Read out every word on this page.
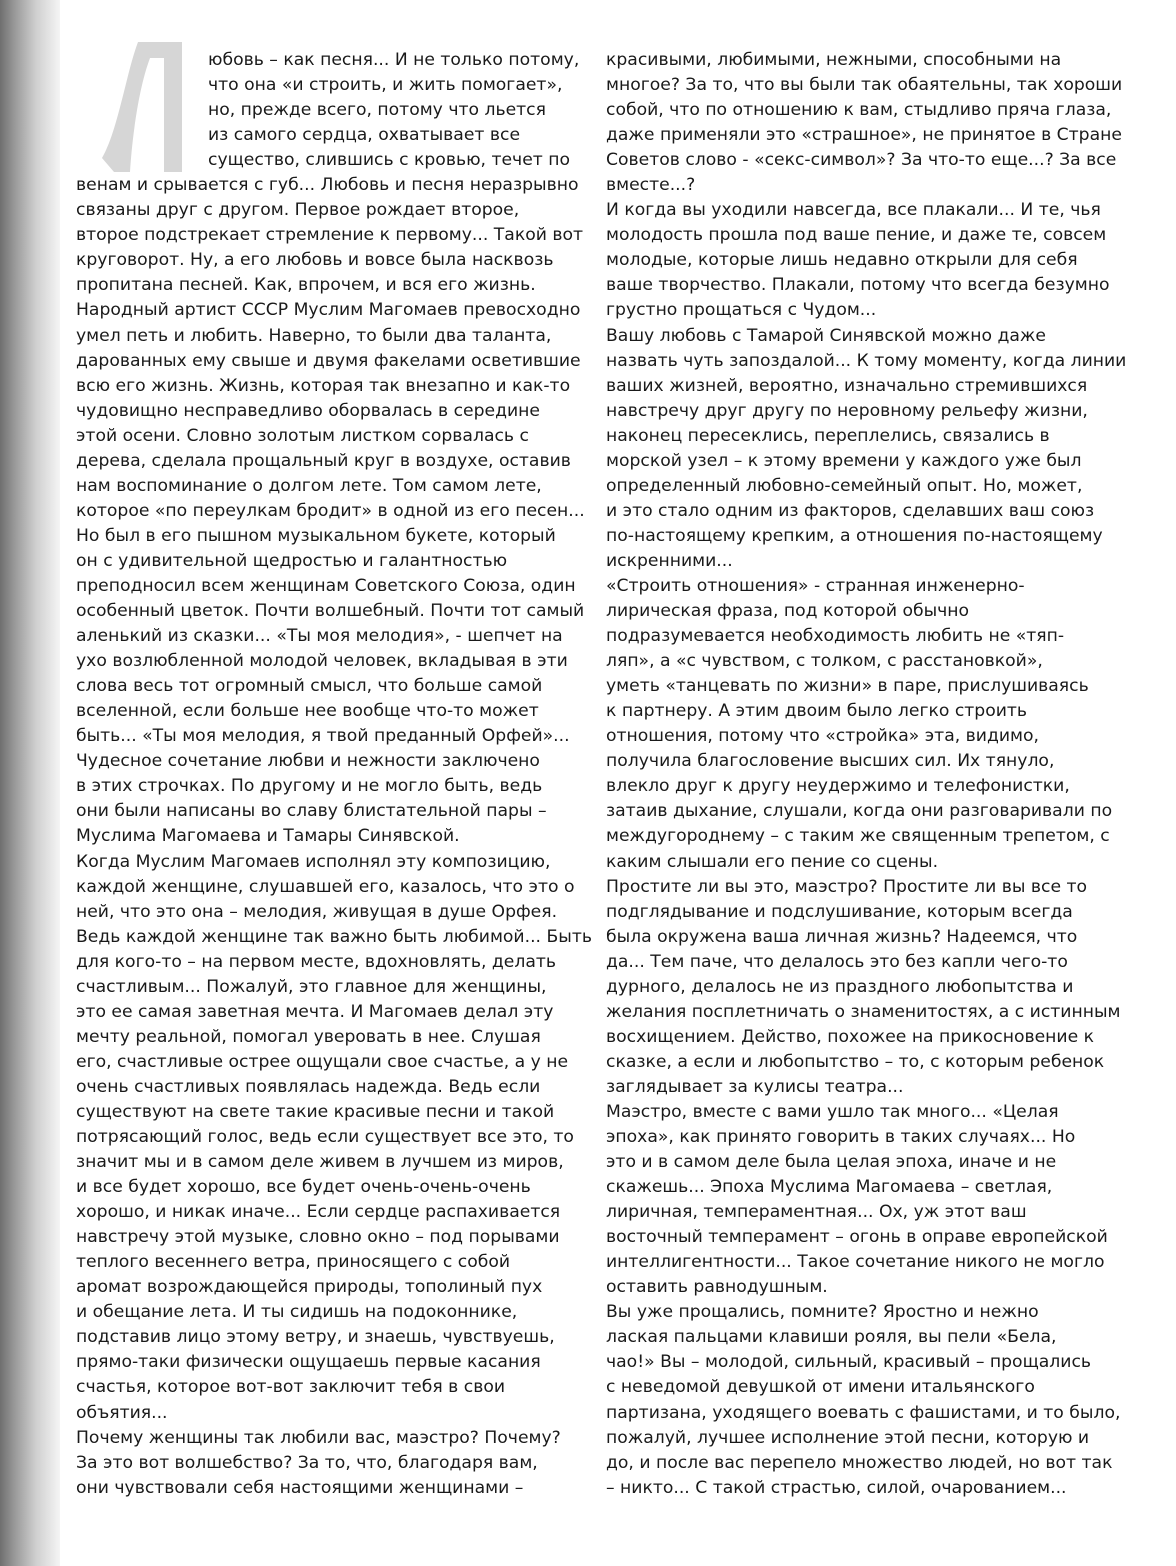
юбовь – как песня... И не только потому,
что она «и строить, и жить помогает»,
но, прежде всего, потому что льется
из самого сердца, охватывает все
существо, слившись с кровью, течет по
венам и срывается с губ... Любовь и песня неразрывно
связаны друг с другом. Первое рождает второе,
второе подстрекает стремление к первому... Такой вот
круговорот. Ну, а его любовь и вовсе была насквозь
пропитана песней. Как, впрочем, и вся его жизнь.
Народный артист СССР Муслим Магомаев превосходно
умел петь и любить. Наверно, то были два таланта,
дарованных ему свыше и двумя факелами осветившие
всю его жизнь. Жизнь, которая так внезапно и как-то
чудовищно несправедливо оборвалась в середине
этой осени. Словно золотым листком сорвалась с
дерева, сделала прощальный круг в воздухе, оставив
нам воспоминание о долгом лете. Том самом лете,
которое «по переулкам бродит» в одной из его песен...
Но был в его пышном музыкальном букете, который
он с удивительной щедростью и галантностью
преподносил всем женщинам Советского Союза, один
особенный цветок. Почти волшебный. Почти тот самый
аленький из сказки... «Ты моя мелодия», - шепчет на
ухо возлюбленной молодой человек, вкладывая в эти
слова весь тот огромный смысл, что больше самой
вселенной, если больше нее вообще что-то может
быть... «Ты моя мелодия, я твой преданный Орфей»...
Чудесное сочетание любви и нежности заключено
в этих строчках. По другому и не могло быть, ведь
они были написаны во славу блистательной пары –
Муслима Магомаева и Тамары Синявской.
Когда Муслим Магомаев исполнял эту композицию,
каждой женщине, слушавшей его, казалось, что это о
ней, что это она – мелодия, живущая в душе Орфея.
Ведь каждой женщине так важно быть любимой... Быть
для кого-то – на первом месте, вдохновлять, делать
счастливым... Пожалуй, это главное для женщины,
это ее самая заветная мечта. И Магомаев делал эту
мечту реальной, помогал уверовать в нее. Слушая
его, счастливые острее ощущали свое счастье, а у не
очень счастливых появлялась надежда. Ведь если
существуют на свете такие красивые песни и такой
потрясающий голос, ведь если существует все это, то
значит мы и в самом деле живем в лучшем из миров,
и все будет хорошо, все будет очень-очень-очень
хорошо, и никак иначе... Если сердце распахивается
навстречу этой музыке, словно окно – под порывами
теплого весеннего ветра, приносящего с собой
аромат возрождающейся природы, тополиный пух
и обещание лета. И ты сидишь на подоконнике,
подставив лицо этому ветру, и знаешь, чувствуешь,
прямо-таки физически ощущаешь первые касания
счастья, которое вот-вот заключит тебя в свои
объятия...
Почему женщины так любили вас, маэстро? Почему?
За это вот волшебство? За то, что, благодаря вам,
они чувствовали себя настоящими женщинами –
красивыми, любимыми, нежными, способными на
многое? За то, что вы были так обаятельны, так хороши
собой, что по отношению к вам, стыдливо пряча глаза,
даже применяли это «страшное», не принятое в Стране
Советов слово - «секс-символ»? За что-то еще...? За все
вместе...?
И когда вы уходили навсегда, все плакали... И те, чья
молодость прошла под ваше пение, и даже те, совсем
молодые, которые лишь недавно открыли для себя
ваше творчество. Плакали, потому что всегда безумно
грустно прощаться с Чудом...
Вашу любовь с Тамарой Синявской можно даже
назвать чуть запоздалой... К тому моменту, когда линии
ваших жизней, вероятно, изначально стремившихся
навстречу друг другу по неровному рельефу жизни,
наконец пересеклись, переплелись, связались в
морской узел – к этому времени у каждого уже был
определенный любовно-семейный опыт. Но, может,
и это стало одним из факторов, сделавших ваш союз
по-настоящему крепким, а отношения по-настоящему
искренними...
«Строить отношения» - странная инженерно-
лирическая фраза, под которой обычно
подразумевается необходимость любить не «тяп-
ляп», а «с чувством, с толком, с расстановкой»,
уметь «танцевать по жизни» в паре, прислушиваясь
к партнеру. А этим двоим было легко строить
отношения, потому что «стройка» эта, видимо,
получила благословение высших сил. Их тянуло,
влекло друг к другу неудержимо и телефонистки,
затаив дыхание, слушали, когда они разговаривали по
междугороднему – с таким же священным трепетом, с
каким слышали его пение со сцены.
Простите ли вы это, маэстро? Простите ли вы все то
подглядывание и подслушивание, которым всегда
была окружена ваша личная жизнь? Надеемся, что
да... Тем паче, что делалось это без капли чего-то
дурного, делалось не из праздного любопытства и
желания посплетничать о знаменитостях, а с истинным
восхищением. Действо, похожее на прикосновение к
сказке, а если и любопытство – то, с которым ребенок
заглядывает за кулисы театра...
Маэстро, вместе с вами ушло так много... «Целая
эпоха», как принято говорить в таких случаях... Но
это и в самом деле была целая эпоха, иначе и не
скажешь... Эпоха Муслима Магомаева – светлая,
лиричная, темпераментная... Ох, уж этот ваш
восточный темперамент – огонь в оправе европейской
интеллигентности... Такое сочетание никого не могло
оставить равнодушным.
Вы уже прощались, помните? Яростно и нежно
лаская пальцами клавиши рояля, вы пели «Бела,
чао!» Вы – молодой, сильный, красивый – прощались
с неведомой девушкой от имени итальянского
партизана, уходящего воевать с фашистами, и то было,
пожалуй, лучшее исполнение этой песни, которую и
до, и после вас перепело множество людей, но вот так
– никто... С такой страстью, силой, очарованием...
